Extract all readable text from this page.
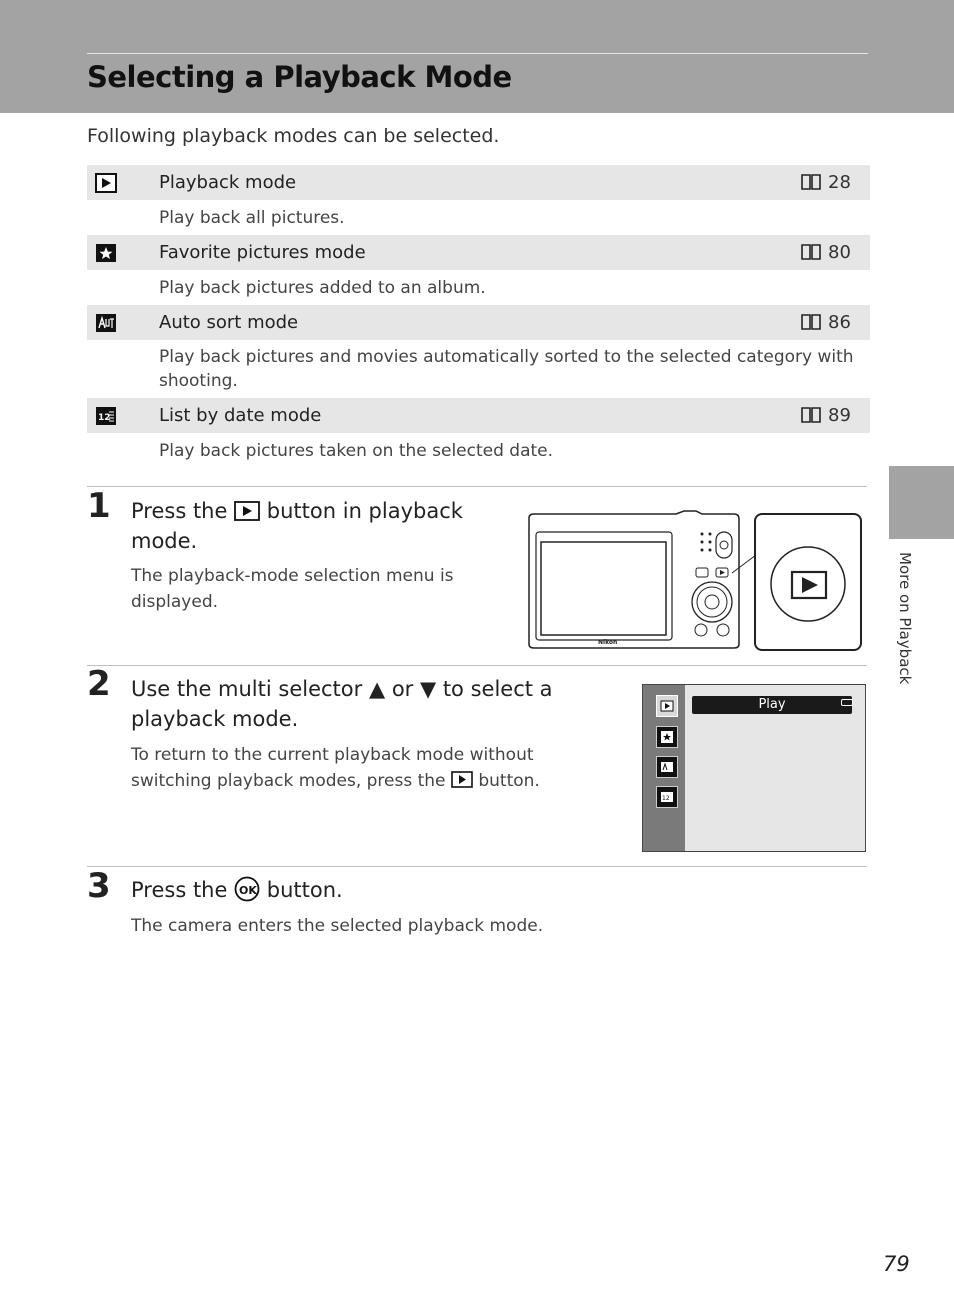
Selecting a Playback Mode
Following playback modes can be selected.
More on Playback
	Playback mode	28
	Play back all pictures.	
	Favorite pictures mode	80
	Play back pictures added to an album.	
	Auto sort mode	86
	Play back pictures and movies automatically sorted to the selected category with shooting.	

12	List by date mode	89
	Play back pictures taken on the selected date.	
1 Press the button in playback mode.
The playback-mode selection menu is displayed.
Nikon
2 Use the multi selector ▲ or ▼ to select a playback mode.
To return to the current playback mode without switching playback modes, press the button.
12
Play
3 Press the OK button.
The camera enters the selected playback mode.
79
